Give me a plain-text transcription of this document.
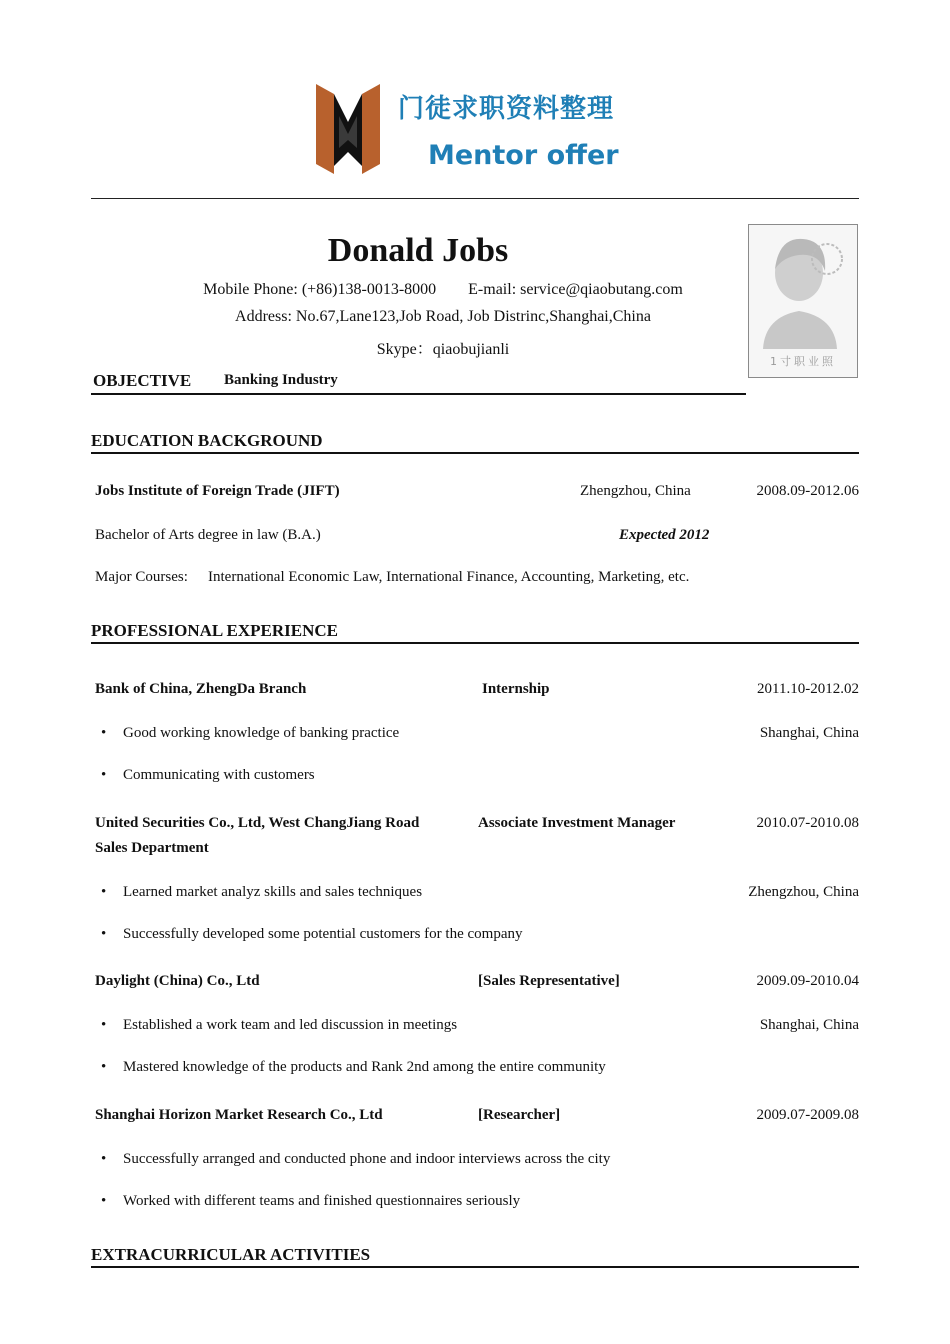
门徒求职资料整理
Mentor offer
Donald Jobs
Mobile Phone: (+86)138-0013-8000        E-mail: service@qiaobutang.com
Address: No.67,Lane123,Job Road, Job Distrinc,Shanghai,China
Skype：qiaobujianli
1寸职业照
OBJECTIVE Banking Industry
EDUCATION BACKGROUND
Jobs Institute of Foreign Trade (JIFT)	Zhengzhou, China	2008.09-2012.06
Bachelor of Arts degree in law (B.A.)	Expected 2012
Major Courses: International Economic Law, International Finance, Accounting, Marketing, etc.
PROFESSIONAL EXPERIENCE
Bank of China, ZhengDa Branch	Internship	2011.10-2012.02
• Good working knowledge of banking practice	Shanghai, China
• Communicating with customers
United Securities Co., Ltd, West ChangJiang Road
Sales Department
Associate Investment Manager	2010.07-2010.08
• Learned market analyz skills and sales techniques	Zhengzhou, China
• Successfully developed some potential customers for the company
Daylight (China) Co., Ltd	[Sales Representative]	2009.09-2010.04
• Established a work team and led discussion in meetings	Shanghai, China
• Mastered knowledge of the products and Rank 2nd among the entire community
Shanghai Horizon Market Research Co., Ltd	[Researcher]	2009.07-2009.08
• Successfully arranged and conducted phone and indoor interviews across the city
• Worked with different teams and finished questionnaires seriously
EXTRACURRICULAR ACTIVITIES
